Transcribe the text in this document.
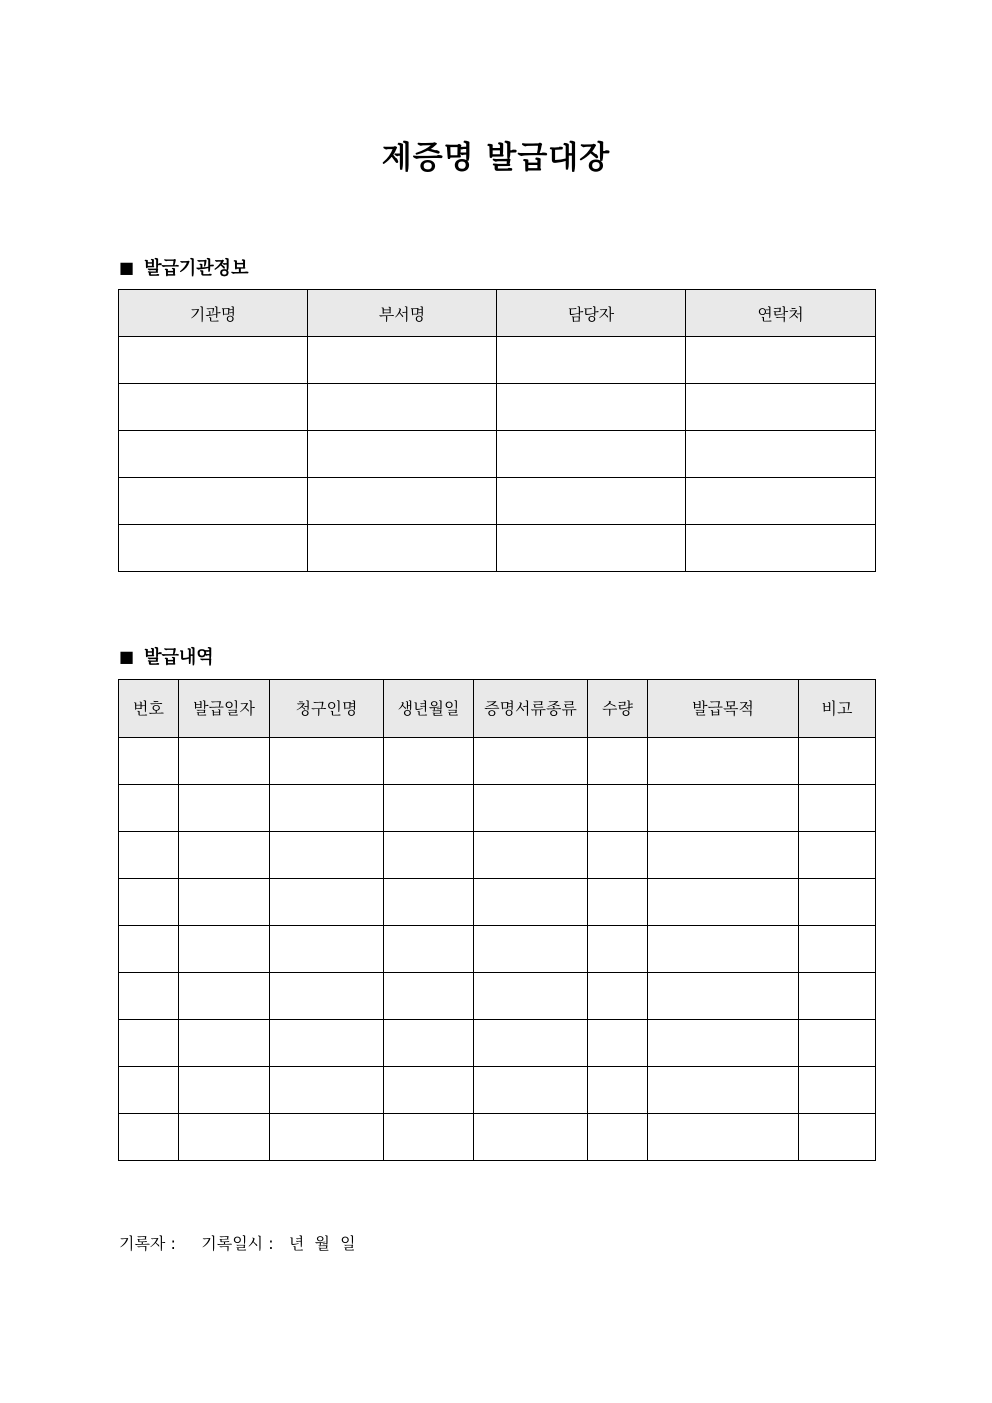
제증명 발급대장
■ 발급기관정보
기관명	부서명	담당자	연락처

■ 발급내역
번호	발급일자	청구인명	생년월일	증명서류종류	수량	발급목적	비고

기록자 : 기록일시 : 년 월 일
